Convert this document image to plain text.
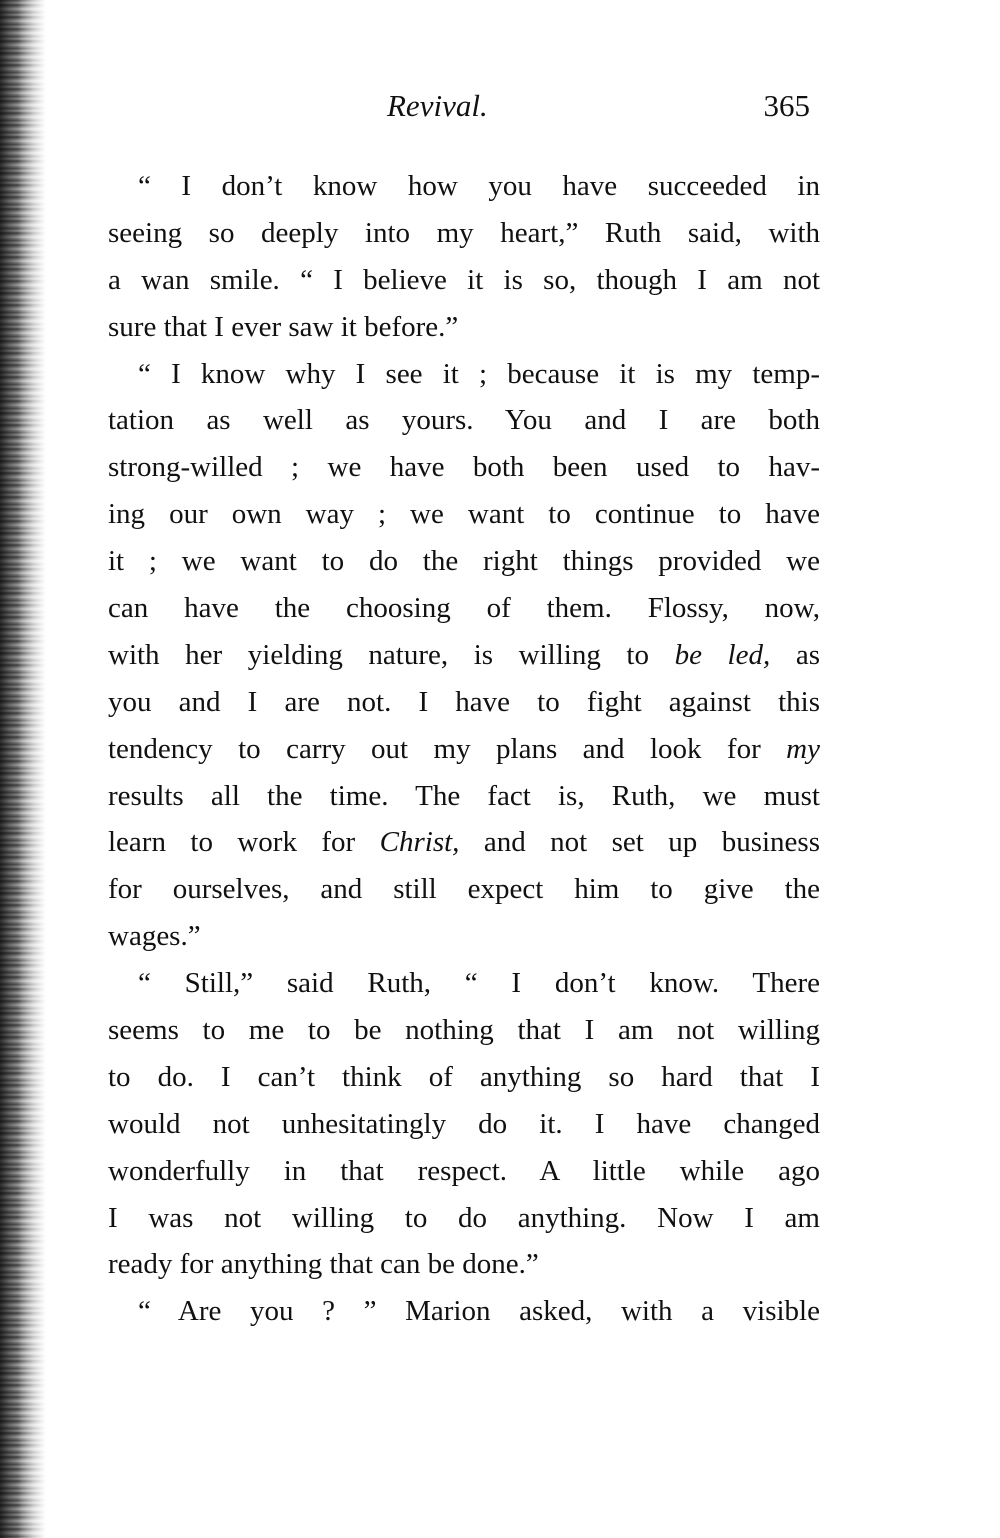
Revival.	365
“ I don’t know how you have succeeded in
seeing so deeply into my heart,” Ruth said, with
a wan smile. “ I believe it is so, though I am not
sure that I ever saw it before.”
“ I know why I see it ; because it is my temp-
tation as well as yours. You and I are both
strong-willed ; we have both been used to hav-
ing our own way ; we want to continue to have
it ; we want to do the right things provided we
can have the choosing of them. Flossy, now,
with her yielding nature, is willing to be led, as
you and I are not. I have to fight against this
tendency to carry out my plans and look for my
results all the time. The fact is, Ruth, we must
learn to work for Christ, and not set up business
for ourselves, and still expect him to give the
wages.”
“ Still,” said Ruth, “ I don’t know. There
seems to me to be nothing that I am not willing
to do. I can’t think of anything so hard that I
would not unhesitatingly do it. I have changed
wonderfully in that respect. A little while ago
I was not willing to do anything. Now I am
ready for anything that can be done.”
“ Are you ? ” Marion asked, with a visible
